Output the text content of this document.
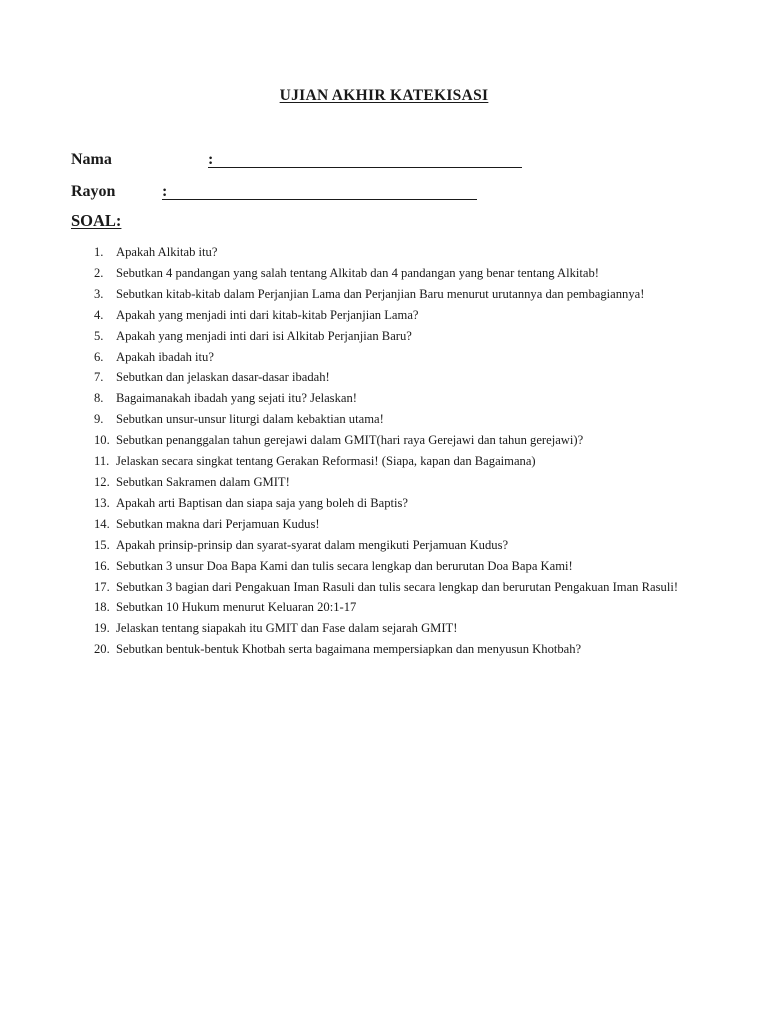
UJIAN AKHIR KATEKISASI
Nama	:
Rayon	:
SOAL:
1. Apakah Alkitab itu?
2. Sebutkan 4 pandangan yang salah tentang Alkitab dan 4 pandangan yang benar tentang Alkitab!
3. Sebutkan kitab-kitab dalam Perjanjian Lama dan Perjanjian Baru menurut urutannya dan pembagiannya!
4. Apakah yang menjadi inti dari kitab-kitab Perjanjian Lama?
5. Apakah yang menjadi inti dari isi Alkitab Perjanjian Baru?
6. Apakah ibadah itu?
7. Sebutkan dan jelaskan dasar-dasar ibadah!
8. Bagaimanakah ibadah yang sejati itu? Jelaskan!
9. Sebutkan unsur-unsur liturgi dalam kebaktian utama!
10. Sebutkan penanggalan tahun gerejawi dalam GMIT(hari raya Gerejawi dan tahun gerejawi)?
11. Jelaskan secara singkat tentang Gerakan Reformasi! (Siapa, kapan dan Bagaimana)
12. Sebutkan Sakramen dalam GMIT!
13. Apakah arti Baptisan dan siapa saja yang boleh di Baptis?
14. Sebutkan makna dari Perjamuan Kudus!
15. Apakah prinsip-prinsip dan syarat-syarat dalam mengikuti Perjamuan Kudus?
16. Sebutkan 3 unsur Doa Bapa Kami dan tulis secara lengkap dan berurutan Doa Bapa Kami!
17. Sebutkan 3 bagian dari Pengakuan Iman Rasuli dan tulis secara lengkap dan berurutan Pengakuan Iman Rasuli!
18. Sebutkan 10 Hukum menurut Keluaran 20:1-17
19. Jelaskan tentang siapakah itu GMIT dan Fase dalam sejarah GMIT!
20. Sebutkan bentuk-bentuk Khotbah serta bagaimana mempersiapkan dan menyusun Khotbah?
